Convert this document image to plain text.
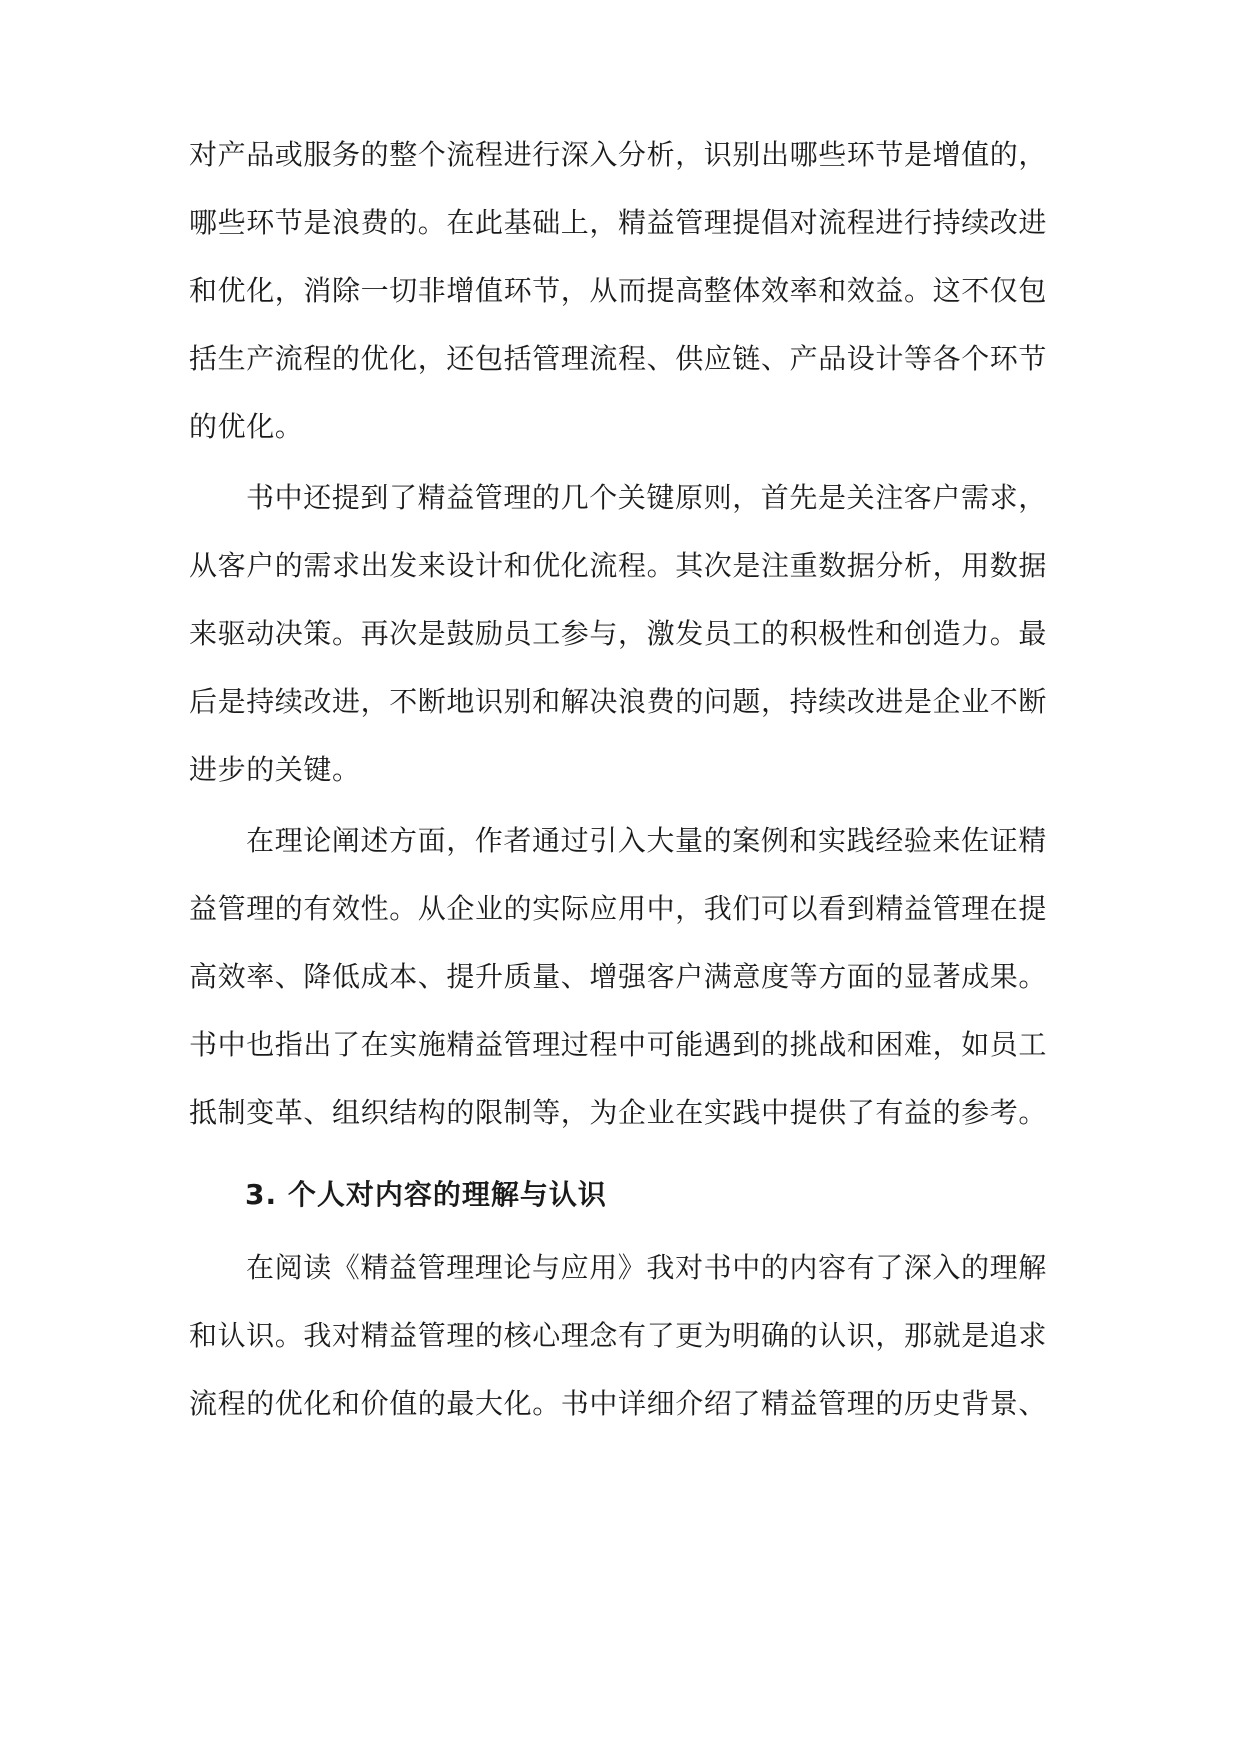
对产品或服务的整个流程进行深入分析，识别出哪些环节是增值的，
哪些环节是浪费的。在此基础上，精益管理提倡对流程进行持续改进
和优化，消除一切非增值环节，从而提高整体效率和效益。这不仅包
括生产流程的优化，还包括管理流程、供应链、产品设计等各个环节
的优化。
书中还提到了精益管理的几个关键原则，首先是关注客户需求，
从客户的需求出发来设计和优化流程。其次是注重数据分析，用数据
来驱动决策。再次是鼓励员工参与，激发员工的积极性和创造力。最
后是持续改进，不断地识别和解决浪费的问题，持续改进是企业不断
进步的关键。
在理论阐述方面，作者通过引入大量的案例和实践经验来佐证精
益管理的有效性。从企业的实际应用中，我们可以看到精益管理在提
高效率、降低成本、提升质量、增强客户满意度等方面的显著成果。
书中也指出了在实施精益管理过程中可能遇到的挑战和困难，如员工
抵制变革、组织结构的限制等，为企业在实践中提供了有益的参考。
3. 个人对内容的理解与认识
在阅读《精益管理理论与应用》我对书中的内容有了深入的理解
和认识。我对精益管理的核心理念有了更为明确的认识，那就是追求
流程的优化和价值的最大化。书中详细介绍了精益管理的历史背景、
